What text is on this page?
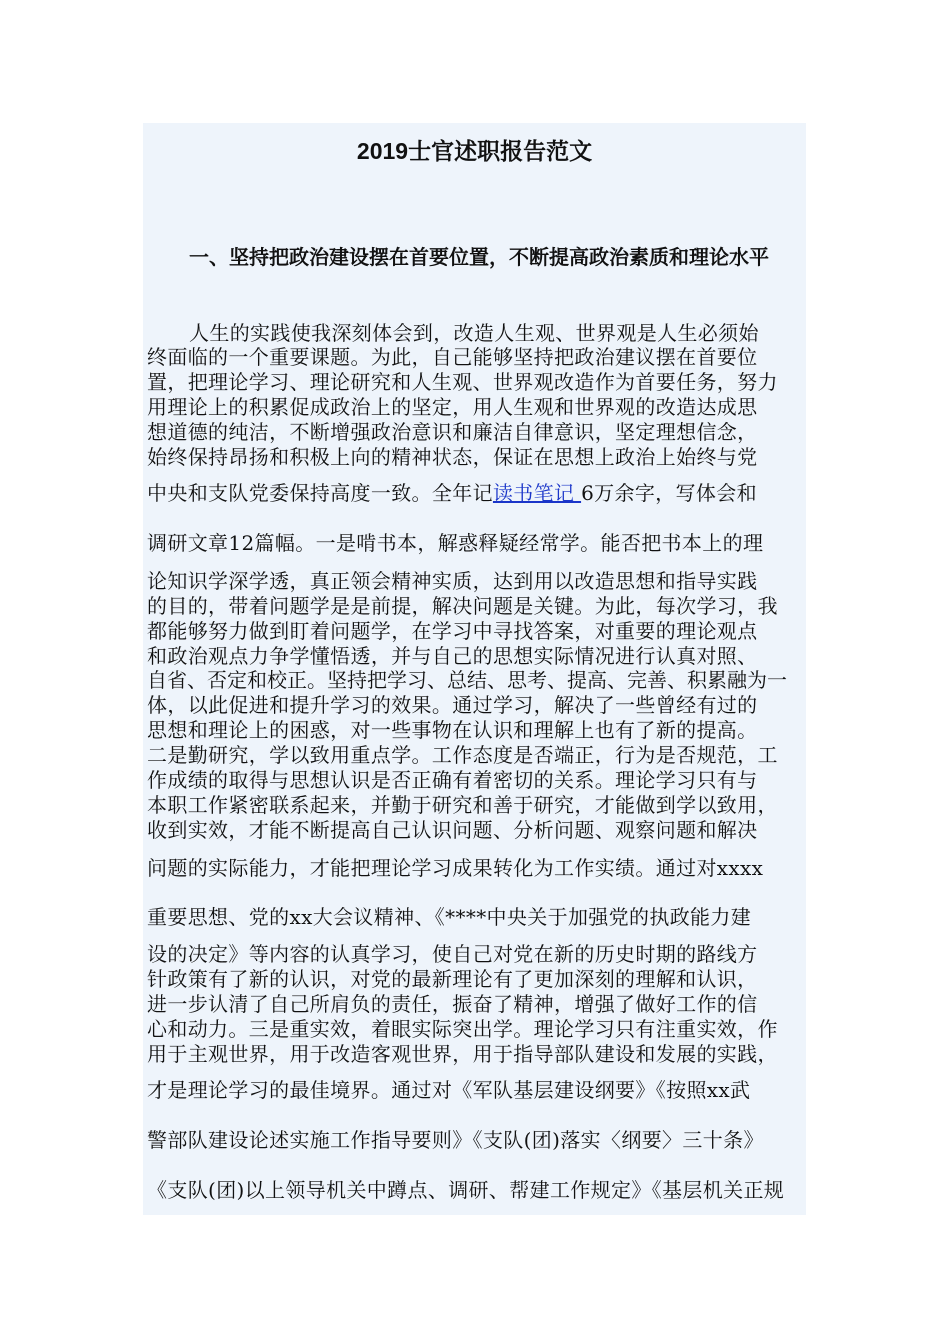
2019士官述职报告范文

一、坚持把政治建设摆在首要位置，不断提高政治素质和理论水平

人生的实践使我深刻体会到，改造人生观、世界观是人生必须始
终面临的一个重要课题。为此，自己能够坚持把政治建议摆在首要位
置，把理论学习、理论研究和人生观、世界观改造作为首要任务，努力
用理论上的积累促成政治上的坚定，用人生观和世界观的改造达成思
想道德的纯洁，不断增强政治意识和廉洁自律意识，坚定理想信念，
始终保持昂扬和积极上向的精神状态，保证在思想上政治上始终与党
中央和支队党委保持高度一致。全年记读书笔记 6万余字，写体会和
调研文章12篇幅。一是啃书本，解惑释疑经常学。能否把书本上的理
论知识学深学透，真正领会精神实质，达到用以改造思想和指导实践
的目的，带着问题学是是前提，解决问题是关键。为此，每次学习，我
都能够努力做到盯着问题学，在学习中寻找答案，对重要的理论观点
和政治观点力争学懂悟透，并与自己的思想实际情况进行认真对照、
自省、否定和校正。坚持把学习、总结、思考、提高、完善、积累融为一
体，以此促进和提升学习的效果。通过学习，解决了一些曾经有过的
思想和理论上的困惑，对一些事物在认识和理解上也有了新的提高。
二是勤研究，学以致用重点学。工作态度是否端正，行为是否规范，工
作成绩的取得与思想认识是否正确有着密切的关系。理论学习只有与
本职工作紧密联系起来，并勤于研究和善于研究，才能做到学以致用，
收到实效，才能不断提高自己认识问题、分析问题、观察问题和解决
问题的实际能力，才能把理论学习成果转化为工作实绩。通过对xxxx
重要思想、党的xx大会议精神、《****中央关于加强党的执政能力建
设的决定》等内容的认真学习，使自己对党在新的历史时期的路线方
针政策有了新的认识，对党的最新理论有了更加深刻的理解和认识，
进一步认清了自己所肩负的责任，振奋了精神，增强了做好工作的信
心和动力。三是重实效，着眼实际突出学。理论学习只有注重实效，作
用于主观世界，用于改造客观世界，用于指导部队建设和发展的实践，
才是理论学习的最佳境界。通过对《军队基层建设纲要》《按照xx武
警部队建设论述实施工作指导要则》《支队(团)落实〈纲要〉三十条》
《支队(团)以上领导机关中蹲点、调研、帮建工作规定》《基层机关正规
